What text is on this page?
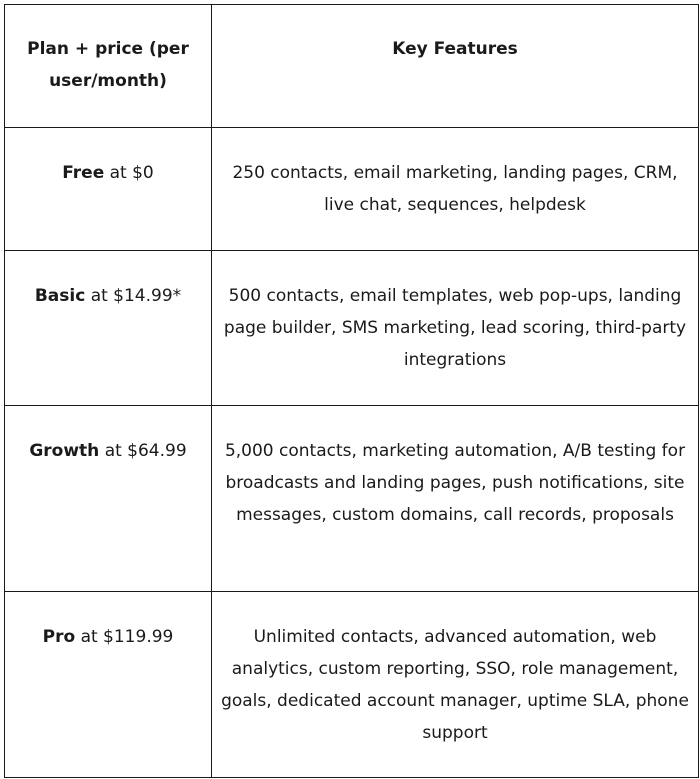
Plan + price (per user/month)	Key Features
Free at $0	250 contacts, email marketing, landing pages, CRM, live chat, sequences, helpdesk
Basic at $14.99*	500 contacts, email templates, web pop-ups, landing page builder, SMS marketing, lead scoring, third-party integrations
Growth at $64.99	5,000 contacts, marketing automation, A/B testing for broadcasts and landing pages, push notifications, site messages, custom domains, call records, proposals
Pro at $119.99	Unlimited contacts, advanced automation, web analytics, custom reporting, SSO, role management, goals, dedicated account manager, uptime SLA, phone support
